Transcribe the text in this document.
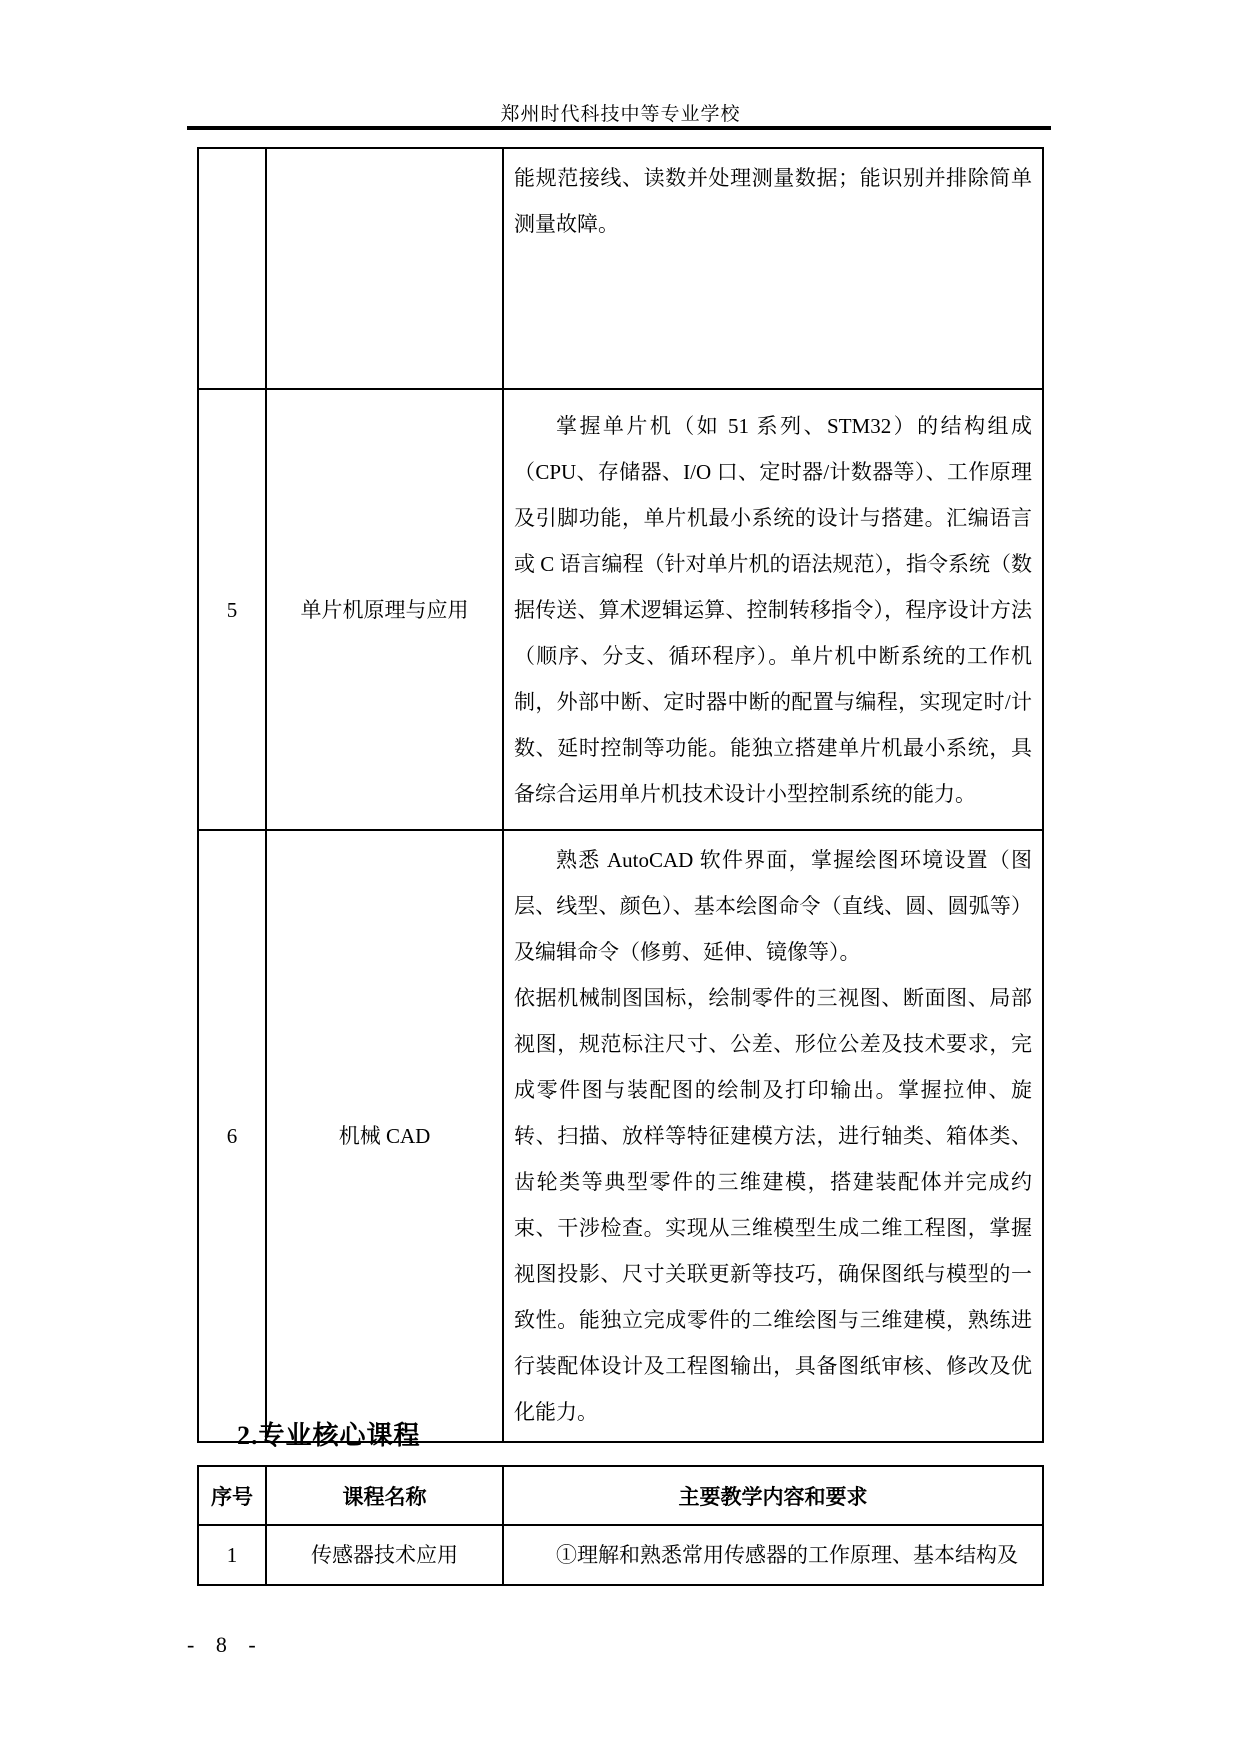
郑州时代科技中等专业学校

		能规范接线、读数并处理测量数据；能识别并排除简单测量故障。

5	单片机原理与应用	掌握单片机（如 51 系列、STM32）的结构组成（CPU、存储器、I/O 口、定时器/计数器等）、工作原理及引脚功能，单片机最小系统的设计与搭建。汇编语言或 C 语言编程（针对单片机的语法规范），指令系统（数据传送、算术逻辑运算、控制转移指令），程序设计方法（顺序、分支、循环程序）。单片机中断系统的工作机制，外部中断、定时器中断的配置与编程，实现定时/计数、延时控制等功能。能独立搭建单片机最小系统，具备综合运用单片机技术设计小型控制系统的能力。

6	机械 CAD	熟悉 AutoCAD 软件界面，掌握绘图环境设置（图层、线型、颜色）、基本绘图命令（直线、圆、圆弧等）及编辑命令（修剪、延伸、镜像等）。

依据机械制图国标，绘制零件的三视图、断面图、局部视图，规范标注尺寸、公差、形位公差及技术要求，完成零件图与装配图的绘制及打印输出。掌握拉伸、旋转、扫描、放样等特征建模方法，进行轴类、箱体类、齿轮类等典型零件的三维建模，搭建装配体并完成约束、干涉检查。实现从三维模型生成二维工程图，掌握视图投影、尺寸关联更新等技巧，确保图纸与模型的一致性。能独立完成零件的二维绘图与三维建模，熟练进行装配体设计及工程图输出，具备图纸审核、修改及优化能力。

2.专业核心课程
序号	课程名称	主要教学内容和要求
1	传感器技术应用	①理解和熟悉常用传感器的工作原理、基本结构及

- 8 -
